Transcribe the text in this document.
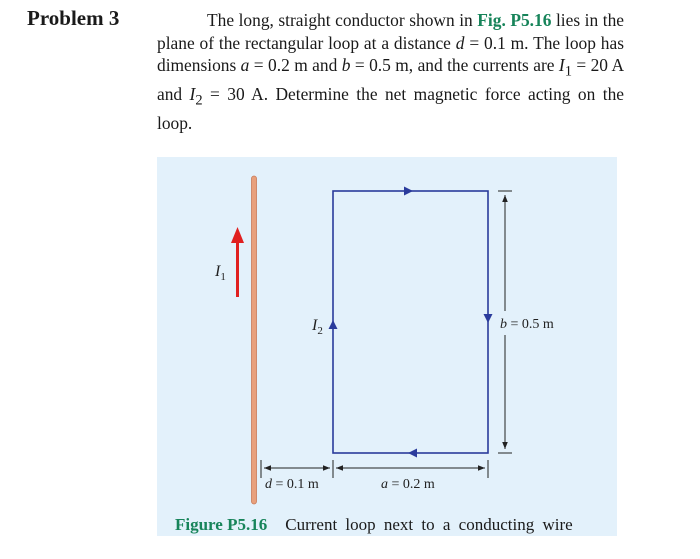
Problem 3	The long, straight conductor shown in Fig. P5.16 lies in the plane of the rectangular loop at a distance d = 0.1 m. The loop has dimensions a = 0.2 m and b = 0.5 m, and the currents are $I_1 = 20$ A and $I_2 = 30$ A. Determine the net magnetic force acting on the loop.
$I_1$
$I_2$	b = 0.5 m
d = 0.1 m	a = 0.2 m
Figure P5.16 Current loop next to a conducting wire
